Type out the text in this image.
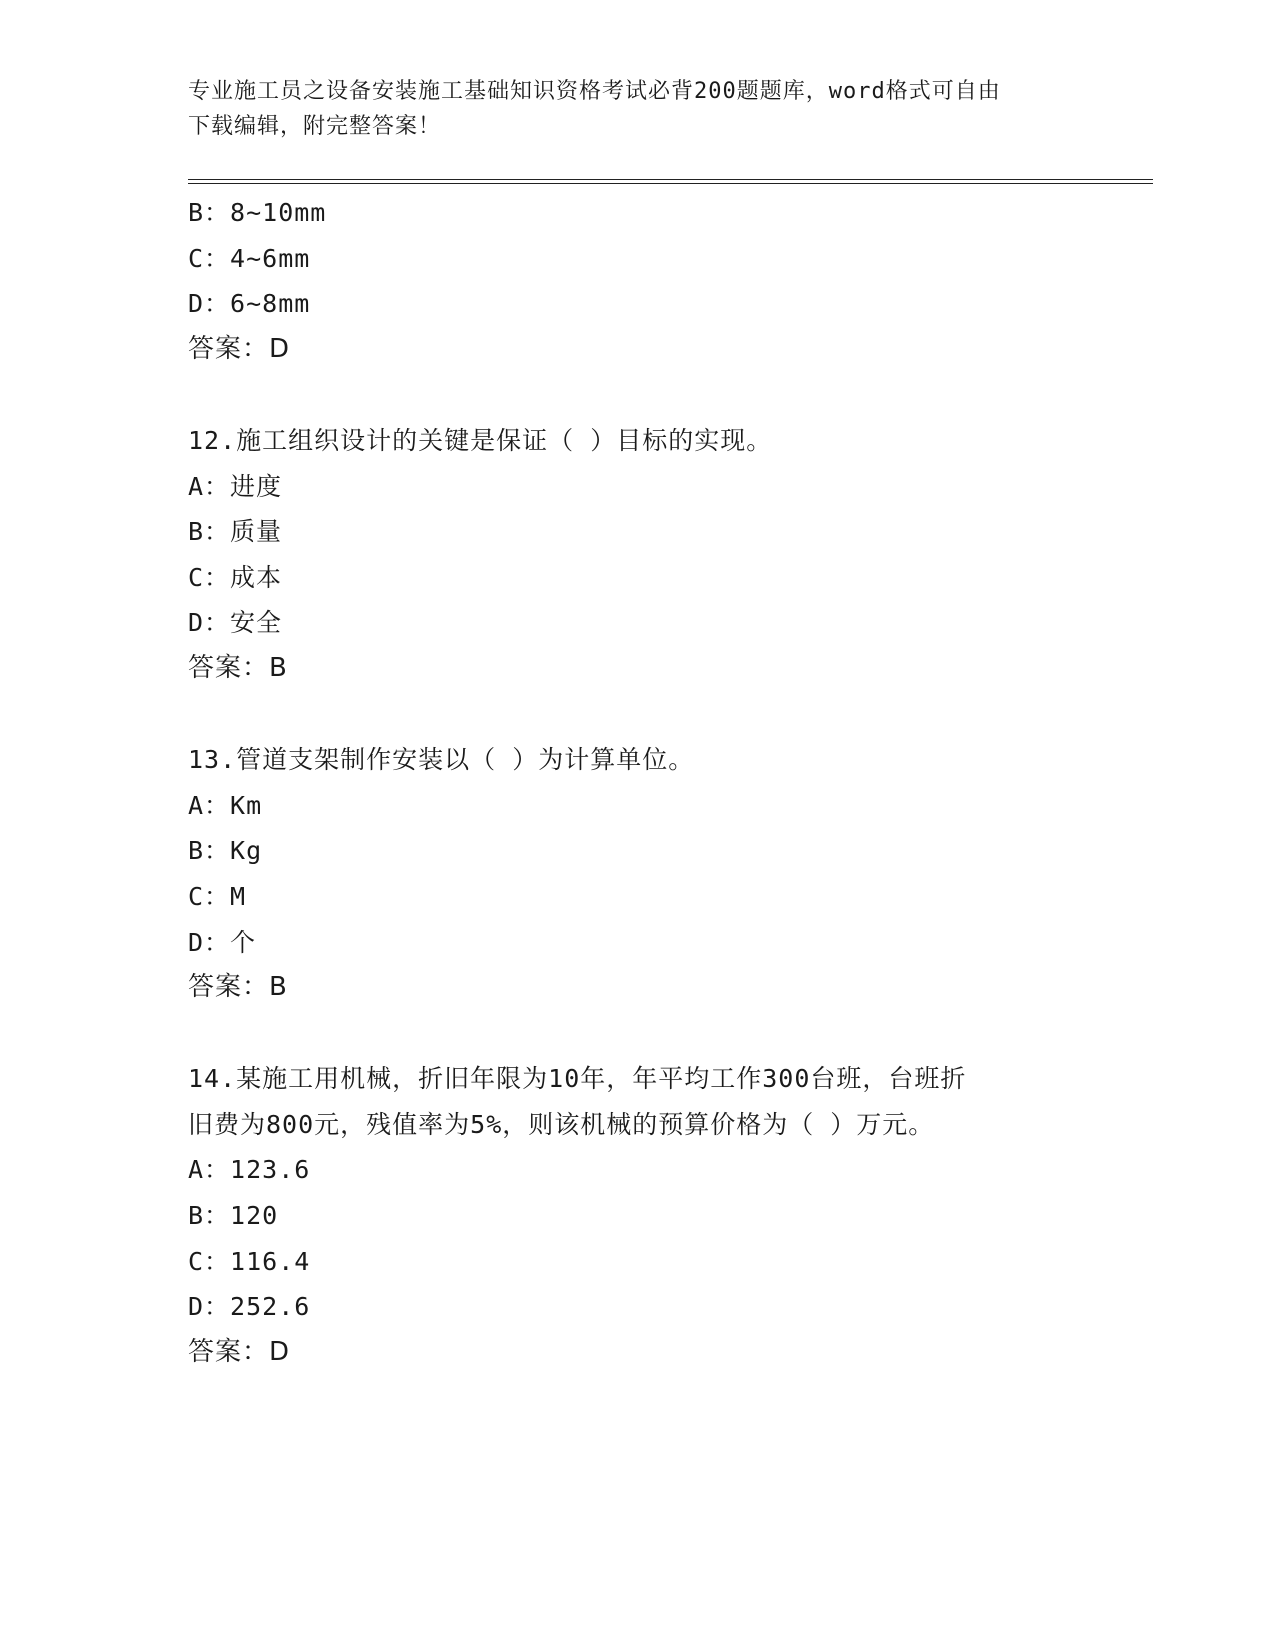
专业施工员之设备安装施工基础知识资格考试必背200题题库，word格式可自由
下载编辑，附完整答案！
B：8~10mm
C：4~6mm
D：6~8mm
答案：D
12.施工组织设计的关键是保证（ ）目标的实现。
A：进度
B：质量
C：成本
D：安全
答案：B
13.管道支架制作安装以（ ）为计算单位。
A：Km
B：Kg
C：M
D：个
答案：B
14.某施工用机械，折旧年限为10年，年平均工作300台班，台班折
旧费为800元，残值率为5%，则该机械的预算价格为（ ）万元。
A：123.6
B：120
C：116.4
D：252.6
答案：D
